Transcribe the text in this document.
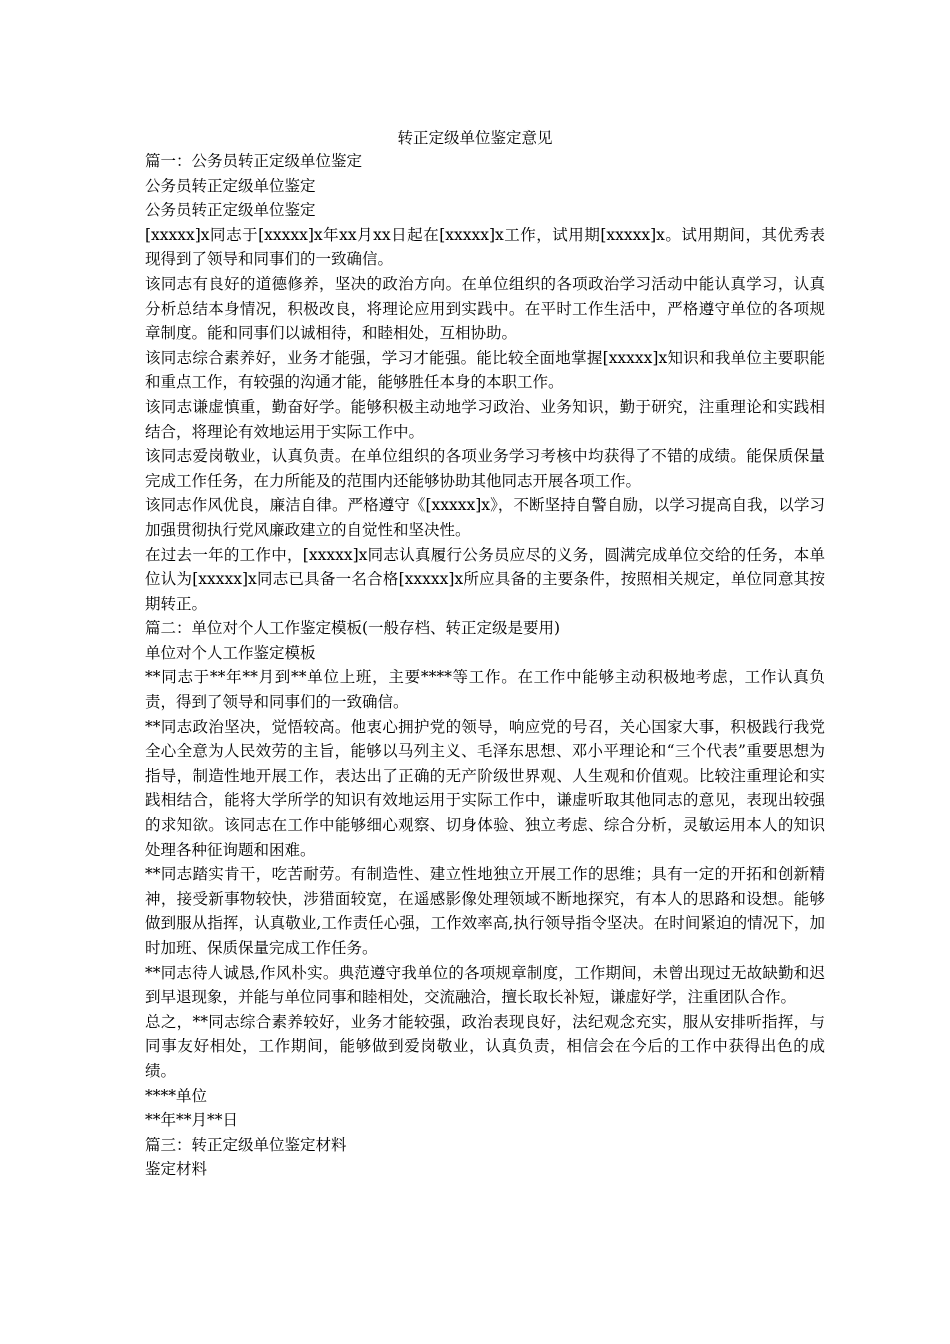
转正定级单位鉴定意见

篇一：公务员转正定级单位鉴定

公务员转正定级单位鉴定

公务员转正定级单位鉴定

[xxxxx]x同志于[xxxxx]x年xx月xx日起在[xxxxx]x工作，试用期[xxxxx]x。试用期间，其优秀表现得到了领导和同事们的一致确信。

该同志有良好的道德修养，坚决的政治方向。在单位组织的各项政治学习活动中能认真学习，认真分析总结本身情况，积极改良，将理论应用到实践中。在平时工作生活中，严格遵守单位的各项规章制度。能和同事们以诚相待，和睦相处，互相协助。

该同志综合素养好，业务才能强，学习才能强。能比较全面地掌握[xxxxx]x知识和我单位主要职能和重点工作，有较强的沟通才能，能够胜任本身的本职工作。

该同志谦虚慎重，勤奋好学。能够积极主动地学习政治、业务知识，勤于研究，注重理论和实践相结合，将理论有效地运用于实际工作中。

该同志爱岗敬业，认真负责。在单位组织的各项业务学习考核中均获得了不错的成绩。能保质保量完成工作任务，在力所能及的范围内还能够协助其他同志开展各项工作。

该同志作风优良，廉洁自律。严格遵守《[xxxxx]x》，不断坚持自警自励，以学习提高自我，以学习加强贯彻执行党风廉政建立的自觉性和坚决性。

在过去一年的工作中，[xxxxx]x同志认真履行公务员应尽的义务，圆满完成单位交给的任务，本单位认为[xxxxx]x同志已具备一名合格[xxxxx]x所应具备的主要条件，按照相关规定，单位同意其按期转正。

篇二：单位对个人工作鉴定模板(一般存档、转正定级是要用)

单位对个人工作鉴定模板

**同志于**年**月到**单位上班，主要****等工作。在工作中能够主动积极地考虑，工作认真负责，得到了领导和同事们的一致确信。

**同志政治坚决，觉悟较高。他衷心拥护党的领导，响应党的号召，关心国家大事，积极践行我党全心全意为人民效劳的主旨，能够以马列主义、毛泽东思想、邓小平理论和“三个代表”重要思想为指导，制造性地开展工作，表达出了正确的无产阶级世界观、人生观和价值观。比较注重理论和实践相结合，能将大学所学的知识有效地运用于实际工作中，谦虚听取其他同志的意见，表现出较强的求知欲。该同志在工作中能够细心观察、切身体验、独立考虑、综合分析，灵敏运用本人的知识处理各种征询题和困难。

**同志踏实肯干，吃苦耐劳。有制造性、建立性地独立开展工作的思维；具有一定的开拓和创新精神，接受新事物较快，涉猎面较宽，在遥感影像处理领域不断地探究，有本人的思路和设想。能够做到服从指挥，认真敬业,工作责任心强，工作效率高,执行领导指令坚决。在时间紧迫的情况下，加时加班、保质保量完成工作任务。

**同志待人诚恳,作风朴实。典范遵守我单位的各项规章制度，工作期间，未曾出现过无故缺勤和迟到早退现象，并能与单位同事和睦相处，交流融洽，擅长取长补短，谦虚好学，注重团队合作。

总之，**同志综合素养较好，业务才能较强，政治表现良好，法纪观念充实，服从安排听指挥，与同事友好相处，工作期间，能够做到爱岗敬业，认真负责，相信会在今后的工作中获得出色的成绩。

****单位

**年**月**日

篇三：转正定级单位鉴定材料

鉴定材料
